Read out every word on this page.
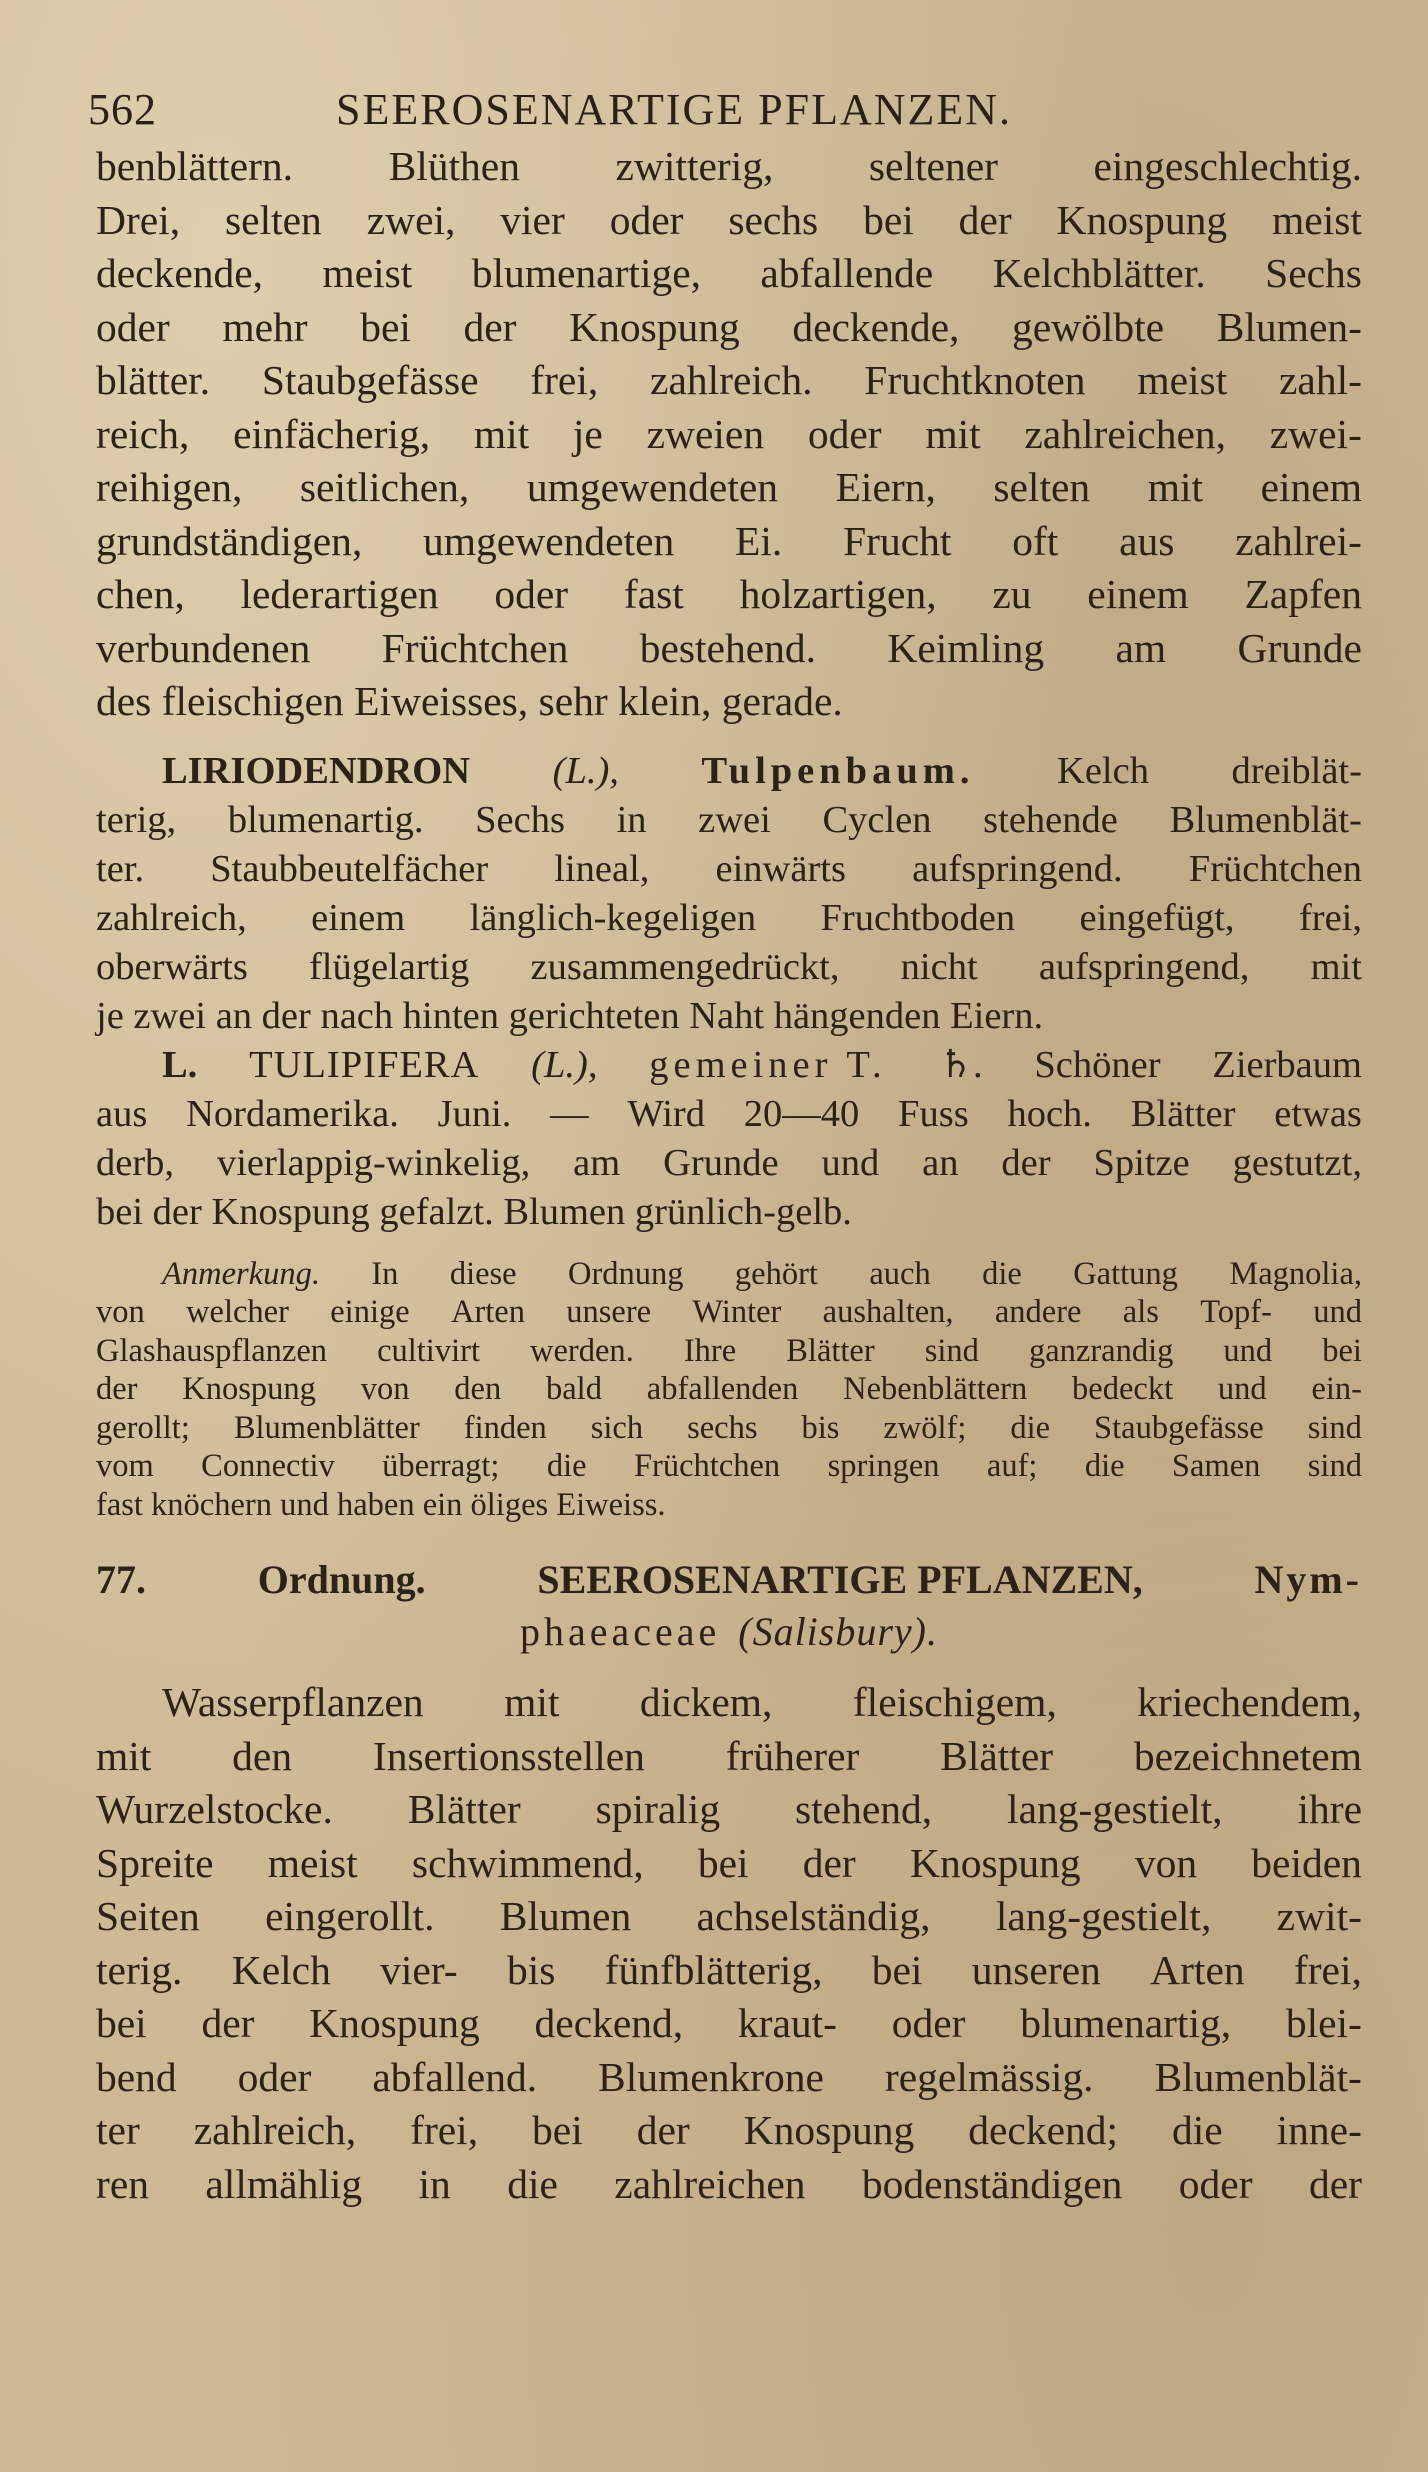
562	SEEROSENARTIGE PFLANZEN.
benblättern. Blüthen zwitterig, seltener eingeschlechtig.
Drei, selten zwei, vier oder sechs bei der Knospung meist
deckende, meist blumenartige, abfallende Kelchblätter. Sechs
oder mehr bei der Knospung deckende, gewölbte Blumen-
blätter. Staubgefässe frei, zahlreich. Fruchtknoten meist zahl-
reich, einfächerig, mit je zweien oder mit zahlreichen, zwei-
reihigen, seitlichen, umgewendeten Eiern, selten mit einem
grundständigen, umgewendeten Ei. Frucht oft aus zahlrei-
chen, lederartigen oder fast holzartigen, zu einem Zapfen
verbundenen Früchtchen bestehend. Keimling am Grunde
des fleischigen Eiweisses, sehr klein, gerade.
LIRIODENDRON (L.), Tulpenbaum. Kelch dreiblät-
terig, blumenartig. Sechs in zwei Cyclen stehende Blumenblät-
ter. Staubbeutelfächer lineal, einwärts aufspringend. Früchtchen
zahlreich, einem länglich-kegeligen Fruchtboden eingefügt, frei,
oberwärts flügelartig zusammengedrückt, nicht aufspringend, mit
je zwei an der nach hinten gerichteten Naht hängenden Eiern.
L. TULIPIFERA (L.), gemeiner T. ♄. Schöner Zierbaum
aus Nordamerika. Juni. — Wird 20—40 Fuss hoch. Blätter etwas
derb, vierlappig-winkelig, am Grunde und an der Spitze gestutzt,
bei der Knospung gefalzt. Blumen grünlich-gelb.
Anmerkung. In diese Ordnung gehört auch die Gattung Magnolia,
von welcher einige Arten unsere Winter aushalten, andere als Topf- und
Glashauspflanzen cultivirt werden. Ihre Blätter sind ganzrandig und bei
der Knospung von den bald abfallenden Nebenblättern bedeckt und ein-
gerollt; Blumenblätter finden sich sechs bis zwölf; die Staubgefässe sind
vom Connectiv überragt; die Früchtchen springen auf; die Samen sind
fast knöchern und haben ein öliges Eiweiss.
77.	Ordnung.	SEEROSENARTIGE PFLANZEN,	Nym-
phaeaceae (Salisbury).
Wasserpflanzen mit dickem, fleischigem, kriechendem,
mit den Insertionsstellen früherer Blätter bezeichnetem
Wurzelstocke. Blätter spiralig stehend, lang-gestielt, ihre
Spreite meist schwimmend, bei der Knospung von beiden
Seiten eingerollt. Blumen achselständig, lang-gestielt, zwit-
terig. Kelch vier- bis fünfblätterig, bei unseren Arten frei,
bei der Knospung deckend, kraut- oder blumenartig, blei-
bend oder abfallend. Blumenkrone regelmässig. Blumenblät-
ter zahlreich, frei, bei der Knospung deckend; die inne-
ren allmählig in die zahlreichen bodenständigen oder der
